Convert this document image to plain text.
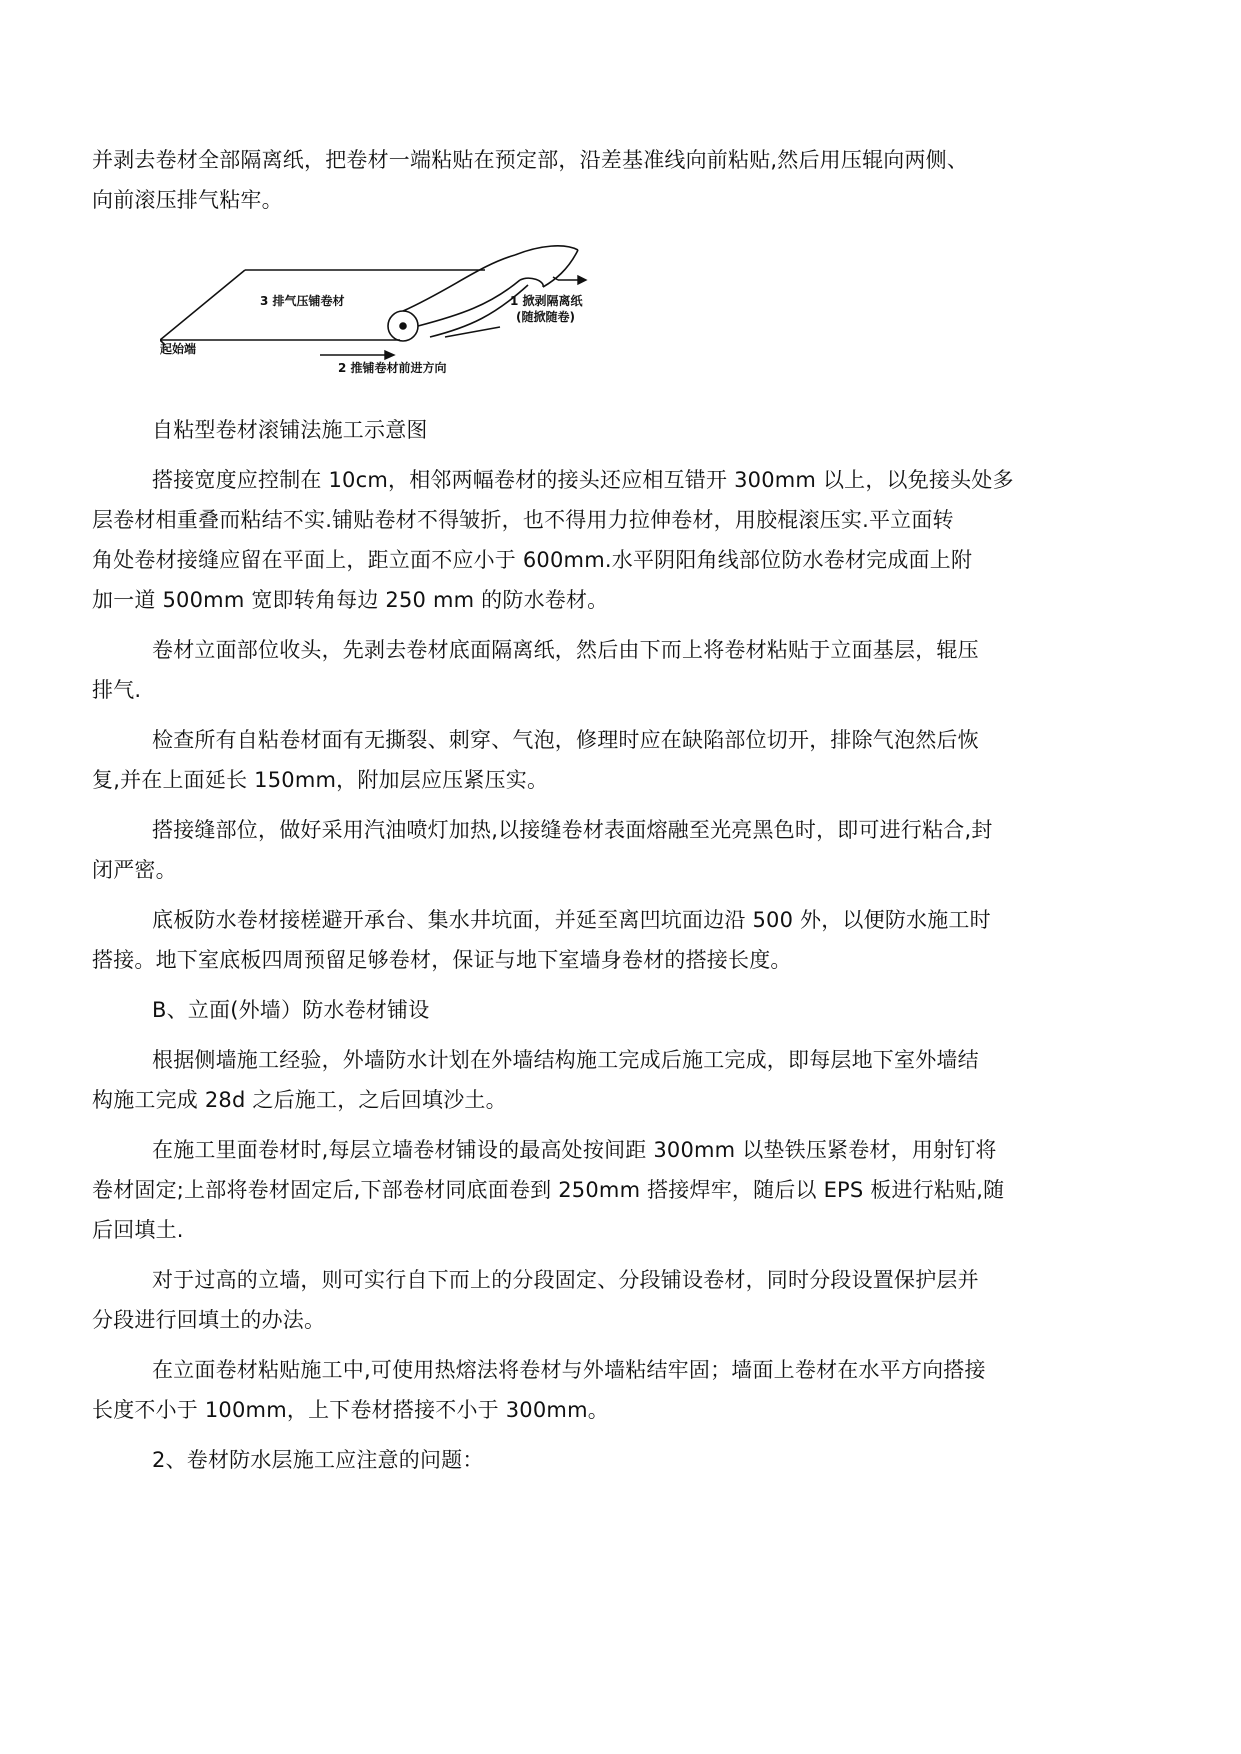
并剥去卷材全部隔离纸，把卷材一端粘贴在预定部，沿差基准线向前粘贴,然后用压辊向两侧、
向前滚压排气粘牢。
3 排气压铺卷材	1 掀剥隔离纸
(随掀随卷)
起始端
2 推铺卷材前进方向
自粘型卷材滚铺法施工示意图
搭接宽度应控制在 10cm，相邻两幅卷材的接头还应相互错开 300mm 以上，以免接头处多
层卷材相重叠而粘结不实.铺贴卷材不得皱折，也不得用力拉伸卷材，用胶棍滚压实.平立面转
角处卷材接缝应留在平面上，距立面不应小于 600mm.水平阴阳角线部位防水卷材完成面上附
加一道 500mm 宽即转角每边 250 mm 的防水卷材。
卷材立面部位收头，先剥去卷材底面隔离纸，然后由下而上将卷材粘贴于立面基层，辊压
排气.
检查所有自粘卷材面有无撕裂、刺穿、气泡，修理时应在缺陷部位切开，排除气泡然后恢
复,并在上面延长 150mm，附加层应压紧压实。
搭接缝部位，做好采用汽油喷灯加热,以接缝卷材表面熔融至光亮黑色时，即可进行粘合,封
闭严密。
底板防水卷材接槎避开承台、集水井坑面，并延至离凹坑面边沿 500 外，以便防水施工时
搭接。地下室底板四周预留足够卷材，保证与地下室墙身卷材的搭接长度。
B、立面(外墙）防水卷材铺设
根据侧墙施工经验，外墙防水计划在外墙结构施工完成后施工完成，即每层地下室外墙结
构施工完成 28d 之后施工，之后回填沙土。
在施工里面卷材时,每层立墙卷材铺设的最高处按间距 300mm 以垫铁压紧卷材，用射钉将
卷材固定;上部将卷材固定后,下部卷材同底面卷到 250mm 搭接焊牢，随后以 EPS 板进行粘贴,随
后回填土.
对于过高的立墙，则可实行自下而上的分段固定、分段铺设卷材，同时分段设置保护层并
分段进行回填土的办法。
在立面卷材粘贴施工中,可使用热熔法将卷材与外墙粘结牢固；墙面上卷材在水平方向搭接
长度不小于 100mm，上下卷材搭接不小于 300mm。
2、卷材防水层施工应注意的问题：
